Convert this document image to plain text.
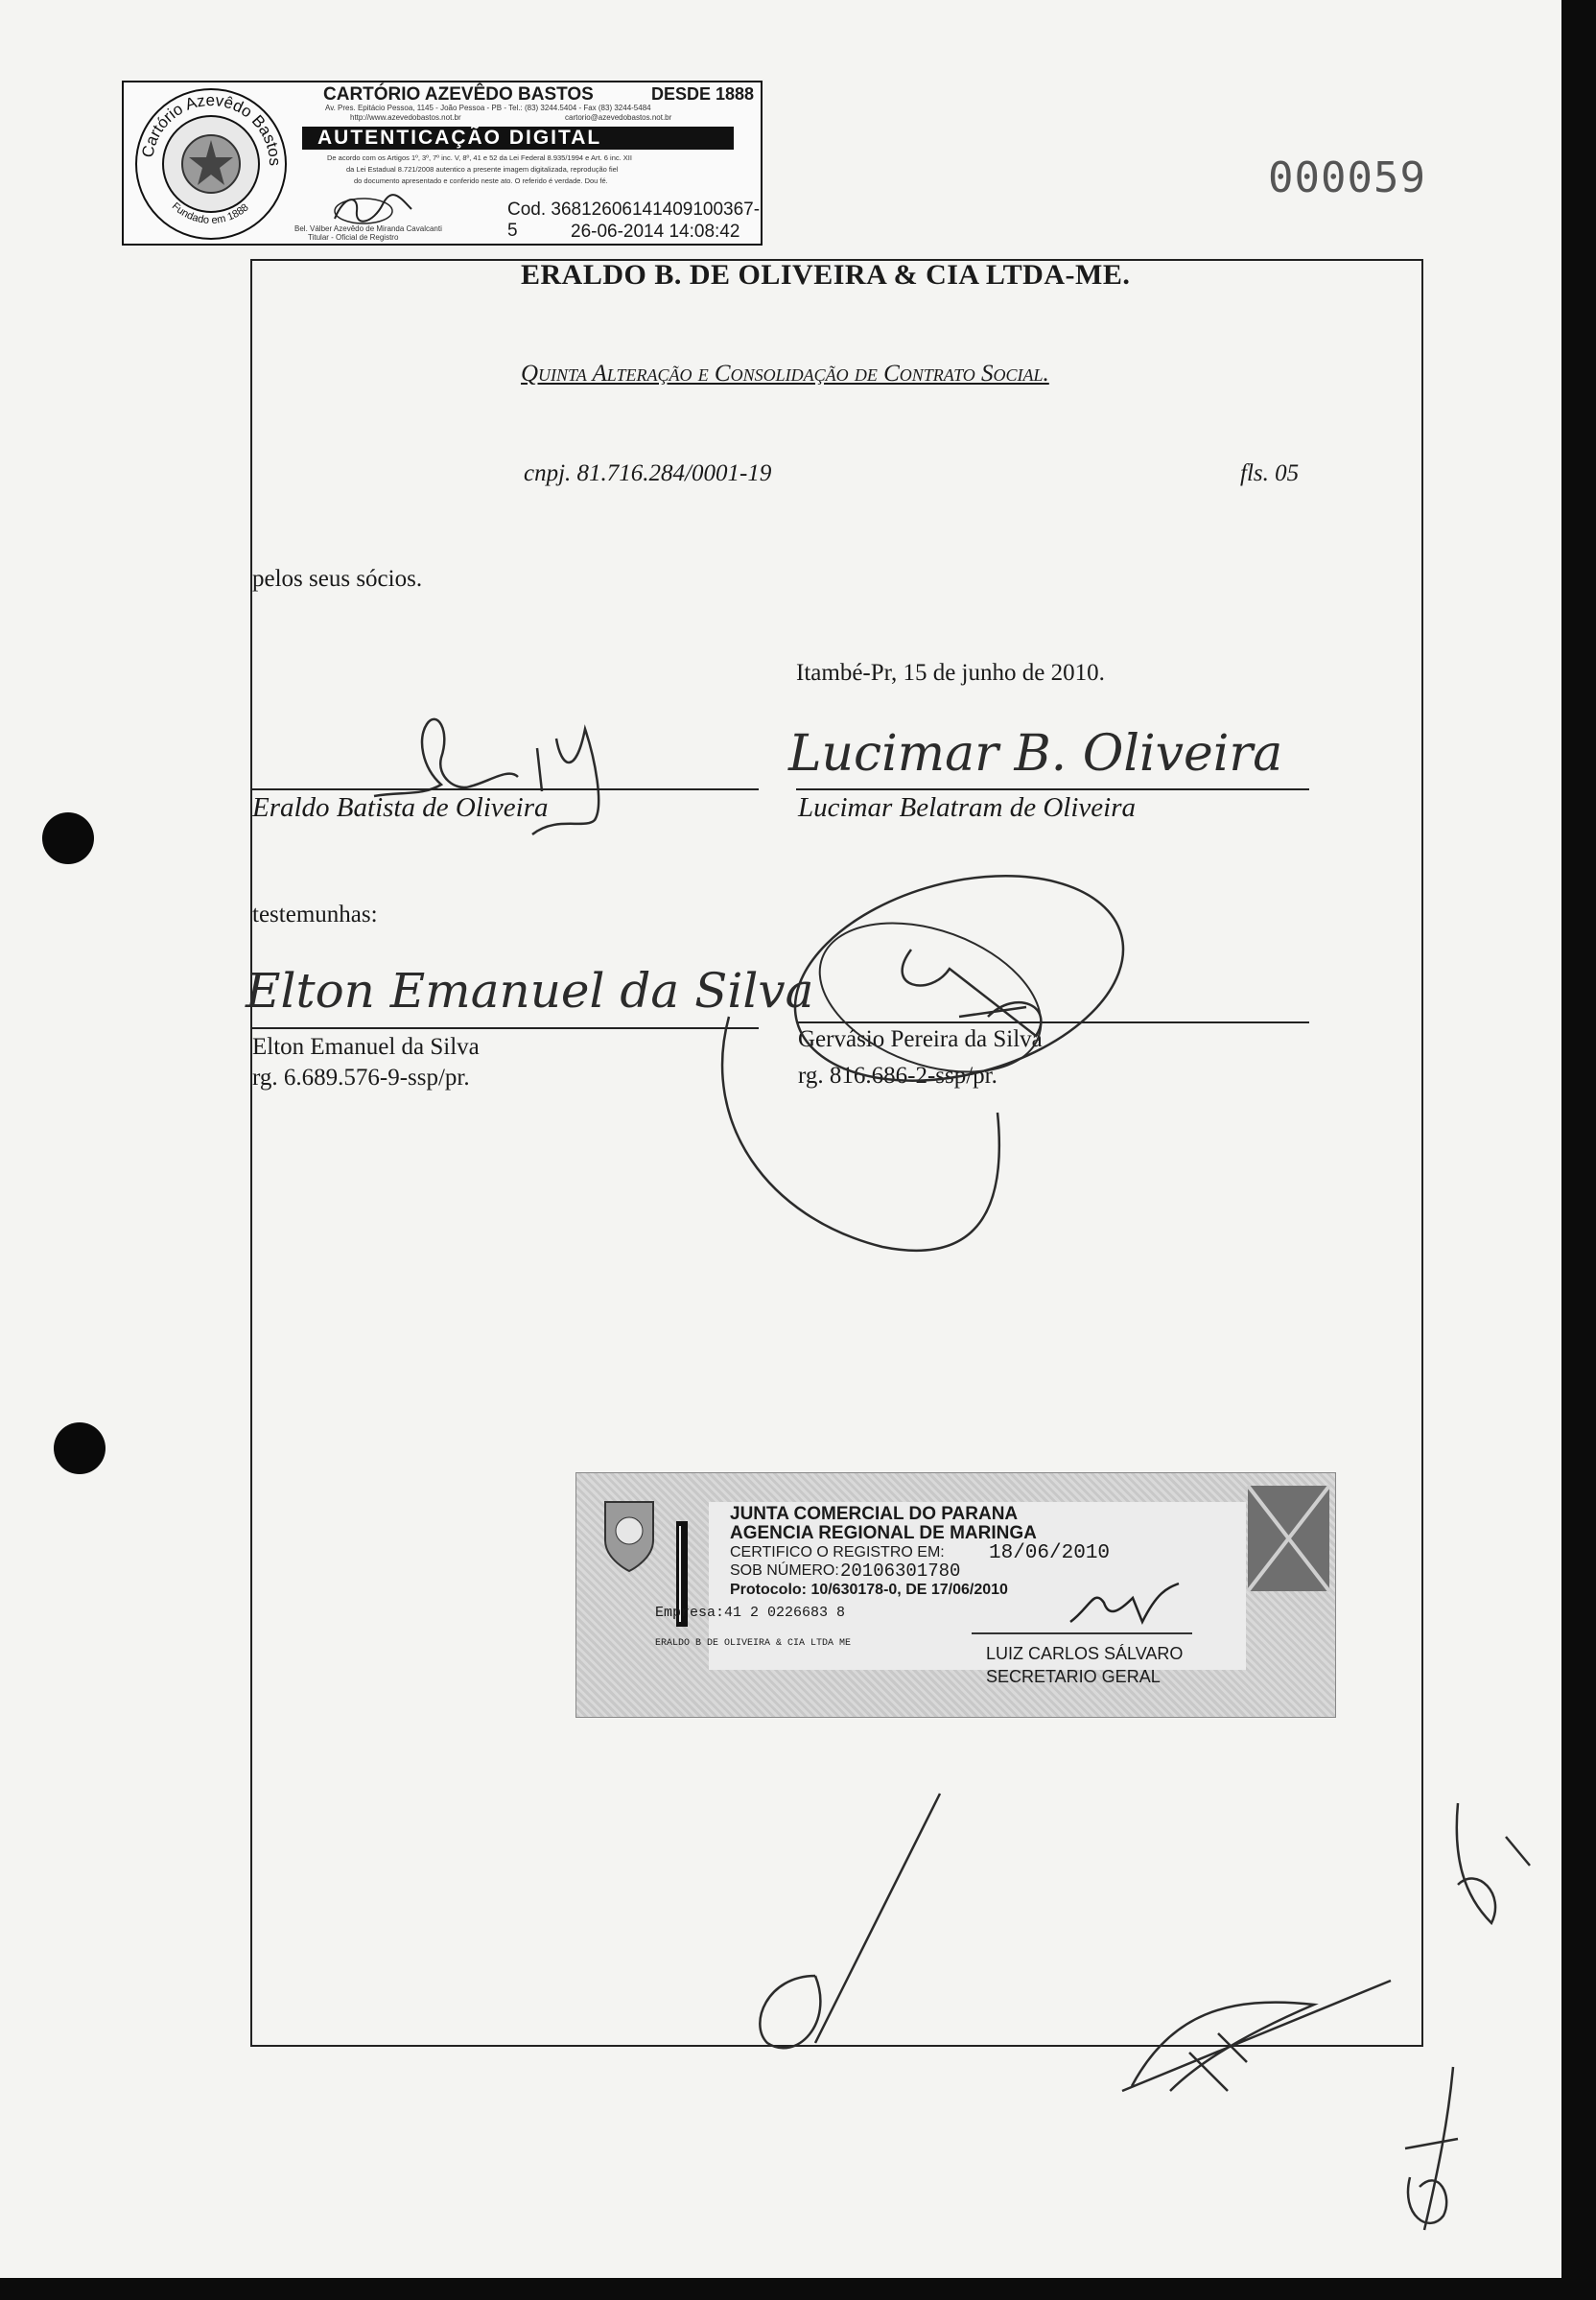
Cartório Azevêdo Bastos
Fundado em 1888
CARTÓRIO AZEVÊDO BASTOS	DESDE 1888
Av. Pres. Epitácio Pessoa, 1145 - João Pessoa - PB - Tel.: (83) 3244.5404 - Fax (83) 3244-5484
http://www.azevedobastos.not.br	cartorio@azevedobastos.not.br
AUTENTICAÇÃO DIGITAL
De acordo com os Artigos 1º, 3º, 7º inc. V, 8º, 41 e 52 da Lei Federal 8.935/1994 e Art. 6 inc. XII
da Lei Estadual 8.721/2008 autentico a presente imagem digitalizada, reprodução fiel
do documento apresentado e conferido neste ato. O referido é verdade. Dou fé.
Bel. Válber Azevêdo de Miranda Cavalcanti
Titular - Oficial de Registro
Cod. 36812606141409100367-5	26-06-2014 14:08:42
000059
ERALDO B. DE OLIVEIRA & CIA LTDA-ME.
Quinta Alteração e Consolidação de Contrato Social.
cnpj. 81.716.284/0001-19	fls. 05
pelos seus sócios.
Itambé-Pr, 15 de junho de 2010.
Eraldo Batista de Oliveira
Lucimar B. Oliveira
Lucimar Belatram de Oliveira
testemunhas:
Elton Emanuel da Silva
Elton Emanuel da Silva
rg. 6.689.576-9-ssp/pr.
Gervásio Pereira da Silva
rg. 816.686-2-ssp/pr.
JUNTA COMERCIAL DO PARANA
AGENCIA REGIONAL DE MARINGA
CERTIFICO O REGISTRO EM: 18/06/2010
SOB NÚMERO: 20106301780
Protocolo: 10/630178-0, DE 17/06/2010
Empresa:41 2 0226683 8
ERALDO B DE OLIVEIRA & CIA LTDA ME
LUIZ CARLOS SÁLVARO
SECRETARIO GERAL
